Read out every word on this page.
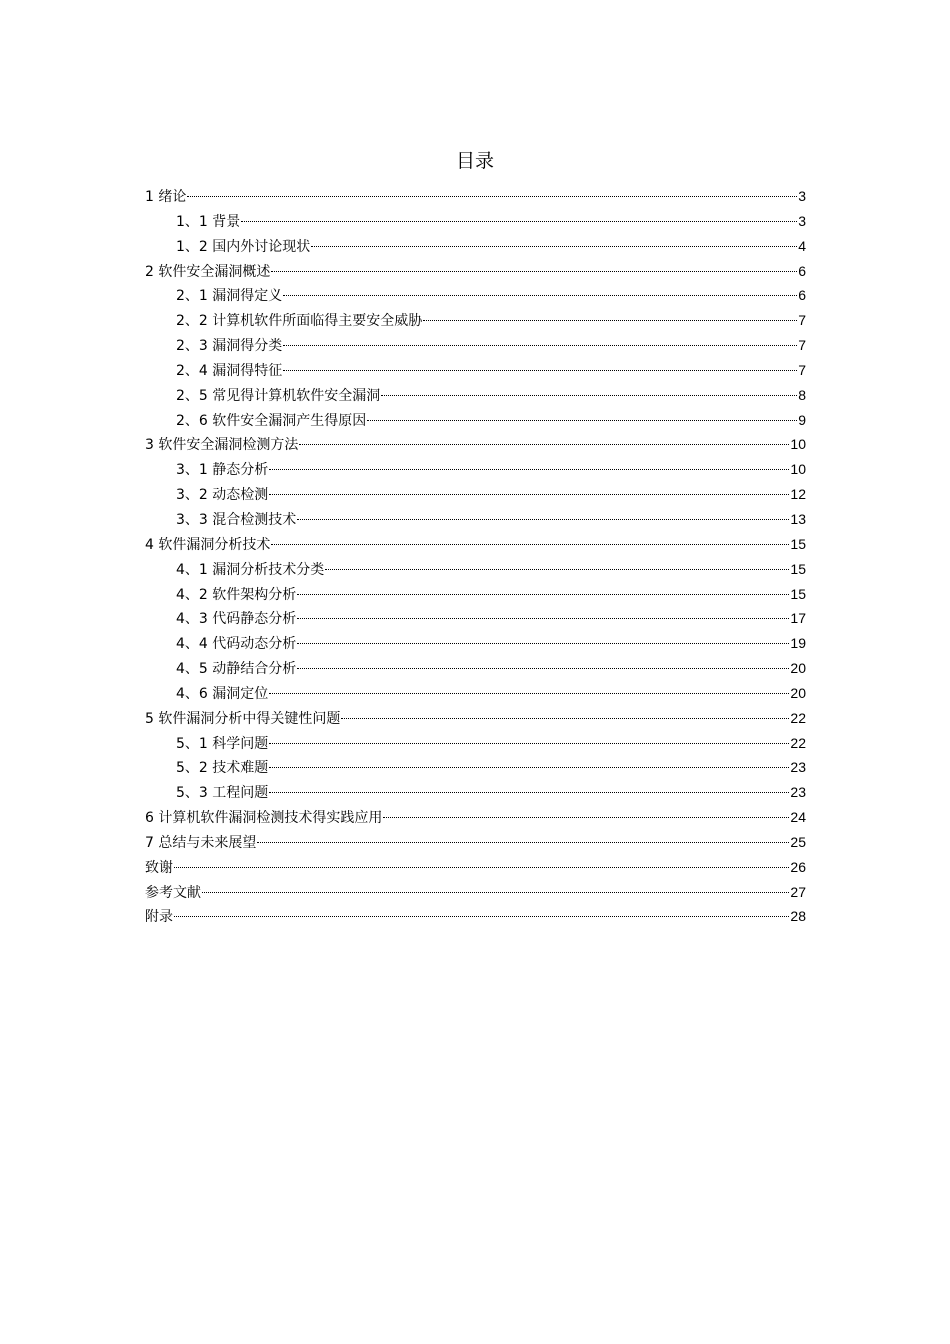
目录
1 绪论	3
1、1 背景	3
1、2 国内外讨论现状	4
2 软件安全漏洞概述	6
2、1 漏洞得定义	6
2、2 计算机软件所面临得主要安全威胁	7
2、3 漏洞得分类	7
2、4 漏洞得特征	7
2、5 常见得计算机软件安全漏洞	8
2、6 软件安全漏洞产生得原因	9
3 软件安全漏洞检测方法	10
3、1 静态分析	10
3、2 动态检测	12
3、3 混合检测技术	13
4 软件漏洞分析技术	15
4、1 漏洞分析技术分类	15
4、2 软件架构分析	15
4、3 代码静态分析	17
4、4 代码动态分析	19
4、5 动静结合分析	20
4、6 漏洞定位	20
5 软件漏洞分析中得关键性问题	22
5、1 科学问题	22
5、2 技术难题	23
5、3 工程问题	23
6 计算机软件漏洞检测技术得实践应用	24
7 总结与未来展望	25
致谢	26
参考文献	27
附录	28
